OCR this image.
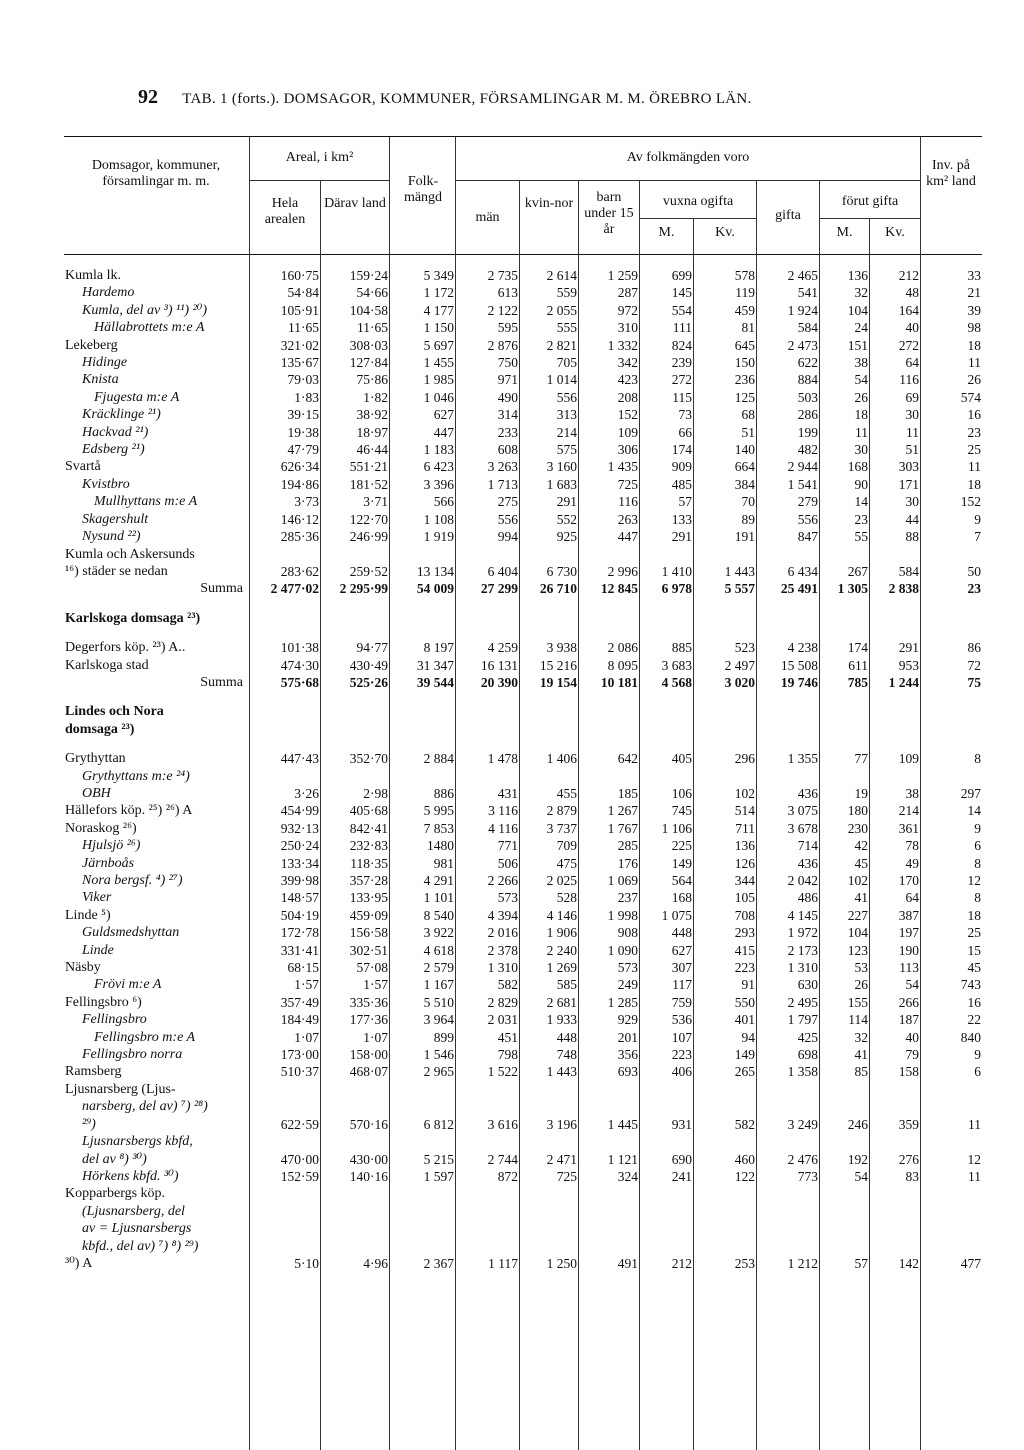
92 TAB. 1 (forts.). DOMSAGOR, KOMMUNER, FÖRSAMLINGAR M. M. ÖREBRO LÄN.
Domsagor, kommuner, församlingar m. m.
Areal, i km²
Hela arealen
Därav land
Folk-mängd
Av folkmängden voro
män
kvin-nor	barn under 15 år
vuxna ogifta
M.	Kv.
gifta
förut gifta
M.	Kv.
Inv. på km² land
Kumla lk.	160·75	159·24	5 349	2 735	2 614	1 259	699	578	2 465	136	212	33
Hardemo	54·84	54·66	1 172	613	559	287	145	119	541	32	48	21
Kumla, del av ³) ¹¹) ²⁰)	105·91	104·58	4 177	2 122	2 055	972	554	459	1 924	104	164	39
Hällabrottets m:e A	11·65	11·65	1 150	595	555	310	111	81	584	24	40	98
Lekeberg	321·02	308·03	5 697	2 876	2 821	1 332	824	645	2 473	151	272	18
Hidinge	135·67	127·84	1 455	750	705	342	239	150	622	38	64	11
Knista	79·03	75·86	1 985	971	1 014	423	272	236	884	54	116	26
Fjugesta m:e A	1·83	1·82	1 046	490	556	208	115	125	503	26	69	574
Kräcklinge ²¹)	39·15	38·92	627	314	313	152	73	68	286	18	30	16
Hackvad ²¹)	19·38	18·97	447	233	214	109	66	51	199	11	11	23
Edsberg ²¹)	47·79	46·44	1 183	608	575	306	174	140	482	30	51	25
Svartå	626·34	551·21	6 423	3 263	3 160	1 435	909	664	2 944	168	303	11
Kvistbro	194·86	181·52	3 396	1 713	1 683	725	485	384	1 541	90	171	18
Mullhyttans m:e A	3·73	3·71	566	275	291	116	57	70	279	14	30	152
Skagershult	146·12	122·70	1 108	556	552	263	133	89	556	23	44	9
Nysund ²²)	285·36	246·99	1 919	994	925	447	291	191	847	55	88	7
Kumla och Askersunds												
¹⁶) städer se nedan	283·62	259·52	13 134	6 404	6 730	2 996	1 410	1 443	6 434	267	584	50
Summa	2 477·02	2 295·99	54 009	27 299	26 710	12 845	6 978	5 557	25 491	1 305	2 838	23

Karlskoga domsaga ²³)												

Degerfors köp. ²³) A..	101·38	94·77	8 197	4 259	3 938	2 086	885	523	4 238	174	291	86
Karlskoga stad	474·30	430·49	31 347	16 131	15 216	8 095	3 683	2 497	15 508	611	953	72
Summa	575·68	525·26	39 544	20 390	19 154	10 181	4 568	3 020	19 746	785	1 244	75

Lindes och Nora												
domsaga ²³)												

Grythyttan	447·43	352·70	2 884	1 478	1 406	642	405	296	1 355	77	109	8
Grythyttans m:e ²⁴)												
OBH	3·26	2·98	886	431	455	185	106	102	436	19	38	297
Hällefors köp. ²⁵) ²⁶) A	454·99	405·68	5 995	3 116	2 879	1 267	745	514	3 075	180	214	14
Noraskog ²⁶)	932·13	842·41	7 853	4 116	3 737	1 767	1 106	711	3 678	230	361	9
Hjulsjö ²⁶)	250·24	232·83	1480	771	709	285	225	136	714	42	78	6
Järnboås	133·34	118·35	981	506	475	176	149	126	436	45	49	8
Nora bergsf. ⁴) ²⁷)	399·98	357·28	4 291	2 266	2 025	1 069	564	344	2 042	102	170	12
Viker	148·57	133·95	1 101	573	528	237	168	105	486	41	64	8
Linde ⁵)	504·19	459·09	8 540	4 394	4 146	1 998	1 075	708	4 145	227	387	18
Guldsmedshyttan	172·78	156·58	3 922	2 016	1 906	908	448	293	1 972	104	197	25
Linde	331·41	302·51	4 618	2 378	2 240	1 090	627	415	2 173	123	190	15
Näsby	68·15	57·08	2 579	1 310	1 269	573	307	223	1 310	53	113	45
Frövi m:e A	1·57	1·57	1 167	582	585	249	117	91	630	26	54	743
Fellingsbro ⁶)	357·49	335·36	5 510	2 829	2 681	1 285	759	550	2 495	155	266	16
Fellingsbro	184·49	177·36	3 964	2 031	1 933	929	536	401	1 797	114	187	22
Fellingsbro m:e A	1·07	1·07	899	451	448	201	107	94	425	32	40	840
Fellingsbro norra	173·00	158·00	1 546	798	748	356	223	149	698	41	79	9
Ramsberg	510·37	468·07	2 965	1 522	1 443	693	406	265	1 358	85	158	6
Ljusnarsberg (Ljus-												
narsberg, del av) ⁷) ²⁸)												
²⁹)	622·59	570·16	6 812	3 616	3 196	1 445	931	582	3 249	246	359	11
Ljusnarsbergs kbfd,												
del av ⁸) ³⁰)	470·00	430·00	5 215	2 744	2 471	1 121	690	460	2 476	192	276	12
Hörkens kbfd. ³⁰)	152·59	140·16	1 597	872	725	324	241	122	773	54	83	11
Kopparbergs köp.												
(Ljusnarsberg, del												
av = Ljusnarsbergs												
kbfd., del av) ⁷) ⁸) ²⁹)												
³⁰) A	5·10	4·96	2 367	1 117	1 250	491	212	253	1 212	57	142	477
